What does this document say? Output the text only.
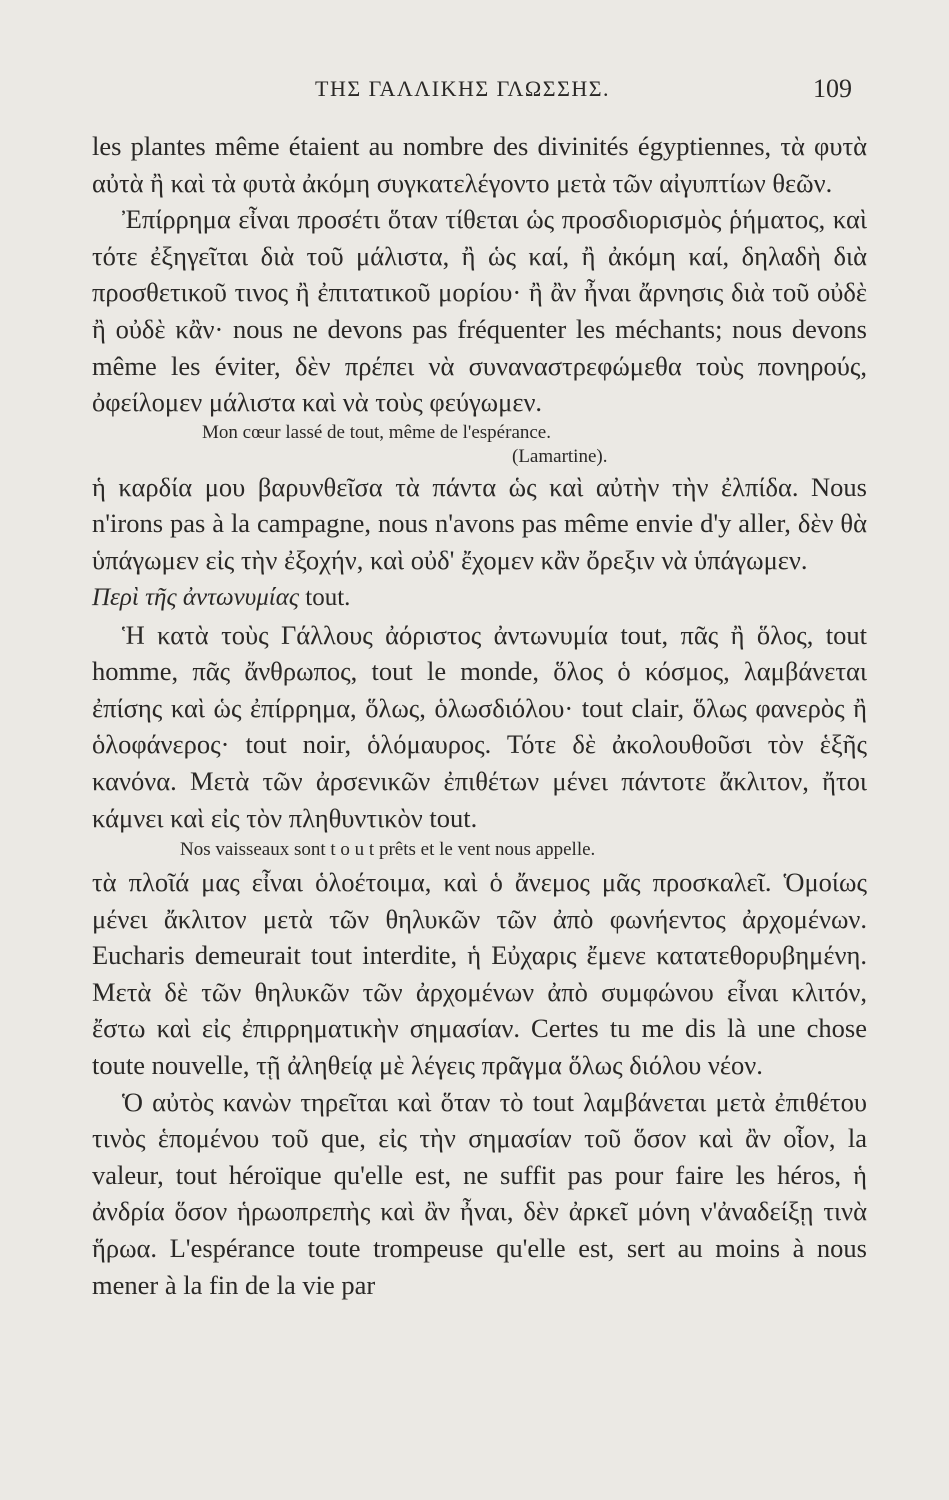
ΤΗΣ ΓΑΛΛΙΚΗΣ ΓΛΩΣΣΗΣ.	109

les plantes même étaient au nombre des divinités égyptiennes, τὰ φυτὰ αὐτὰ ἢ καὶ τὰ φυτὰ ἀκόμη συγκατελέγοντο μετὰ τῶν αἰγυπτίων θεῶν.

Ἐπίρρημα εἶναι προσέτι ὅταν τίθεται ὡς προσδιορισμὸς ῥήματος, καὶ τότε ἐξηγεῖται διὰ τοῦ μάλιστα, ἢ ὡς καί, ἢ ἀκόμη καί, δηλαδὴ διὰ προσθετικοῦ τινος ἢ ἐπιτατικοῦ μορίου· ἢ ἂν ἦναι ἄρνησις διὰ τοῦ οὐδὲ ἢ οὐδὲ κἂν· nous ne devons pas fréquenter les méchants; nous devons même les éviter, δὲν πρέπει νὰ συναναστρεφώμεθα τοὺς πονηρούς, ὀφείλομεν μάλιστα καὶ νὰ τοὺς φεύγωμεν.

Mon cœur lassé de tout, même de l'espérance.

(Lamartine).

ἡ καρδία μου βαρυνθεῖσα τὰ πάντα ὡς καὶ αὐτὴν τὴν ἐλπίδα. Nous n'irons pas à la campagne, nous n'avons pas même envie d'y aller, δὲν θὰ ὑπάγωμεν εἰς τὴν ἐξοχήν, καὶ οὐδ' ἔχομεν κἂν ὄρεξιν νὰ ὑπάγωμεν.

Περὶ τῆς ἀντωνυμίας tout.

Ἡ κατὰ τοὺς Γάλλους ἀόριστος ἀντωνυμία tout, πᾶς ἢ ὅλος, tout homme, πᾶς ἄνθρωπος, tout le monde, ὅλος ὁ κόσμος, λαμβάνεται ἐπίσης καὶ ὡς ἐπίρρημα, ὅλως, ὁλωσδιόλου· tout clair, ὅλως φανερὸς ἢ ὁλοφάνερος· tout noir, ὁλόμαυρος. Τότε δὲ ἀκολουθοῦσι τὸν ἑξῆς κανόνα. Μετὰ τῶν ἀρσενικῶν ἐπιθέτων μένει πάντοτε ἄκλιτον, ἤτοι κάμνει καὶ εἰς τὸν πληθυντικὸν tout.

Nos vaisseaux sont t o u t prêts et le vent nous appelle.

τὰ πλοῖά μας εἶναι ὁλοέτοιμα, καὶ ὁ ἄνεμος μᾶς προσκαλεῖ. Ὁμοίως μένει ἄκλιτον μετὰ τῶν θηλυκῶν τῶν ἀπὸ φωνήεντος ἀρχομένων. Eucharis demeurait tout interdite, ἡ Εὐχαρις ἔμενε κατατεθορυβημένη. Μετὰ δὲ τῶν θηλυκῶν τῶν ἀρχομένων ἀπὸ συμφώνου εἶναι κλιτόν, ἔστω καὶ εἰς ἐπιρρηματικὴν σημασίαν. Certes tu me dis là une chose toute nouvelle, τῇ ἀληθείᾳ μὲ λέγεις πρᾶγμα ὅλως διόλου νέον.

Ὁ αὐτὸς κανὼν τηρεῖται καὶ ὅταν τὸ tout λαμβάνεται μετὰ ἐπιθέτου τινὸς ἑπομένου τοῦ que, εἰς τὴν σημασίαν τοῦ ὅσον καὶ ἂν οἷον, la valeur, tout héroïque qu'elle est, ne suffit pas pour faire les héros, ἡ ἀνδρία ὅσον ἡρωοπρεπὴς καὶ ἂν ἦναι, δὲν ἀρκεῖ μόνη ν'ἀναδείξῃ τινὰ ἥρωα. L'espérance toute trompeuse qu'elle est, sert au moins à nous mener à la fin de la vie par
